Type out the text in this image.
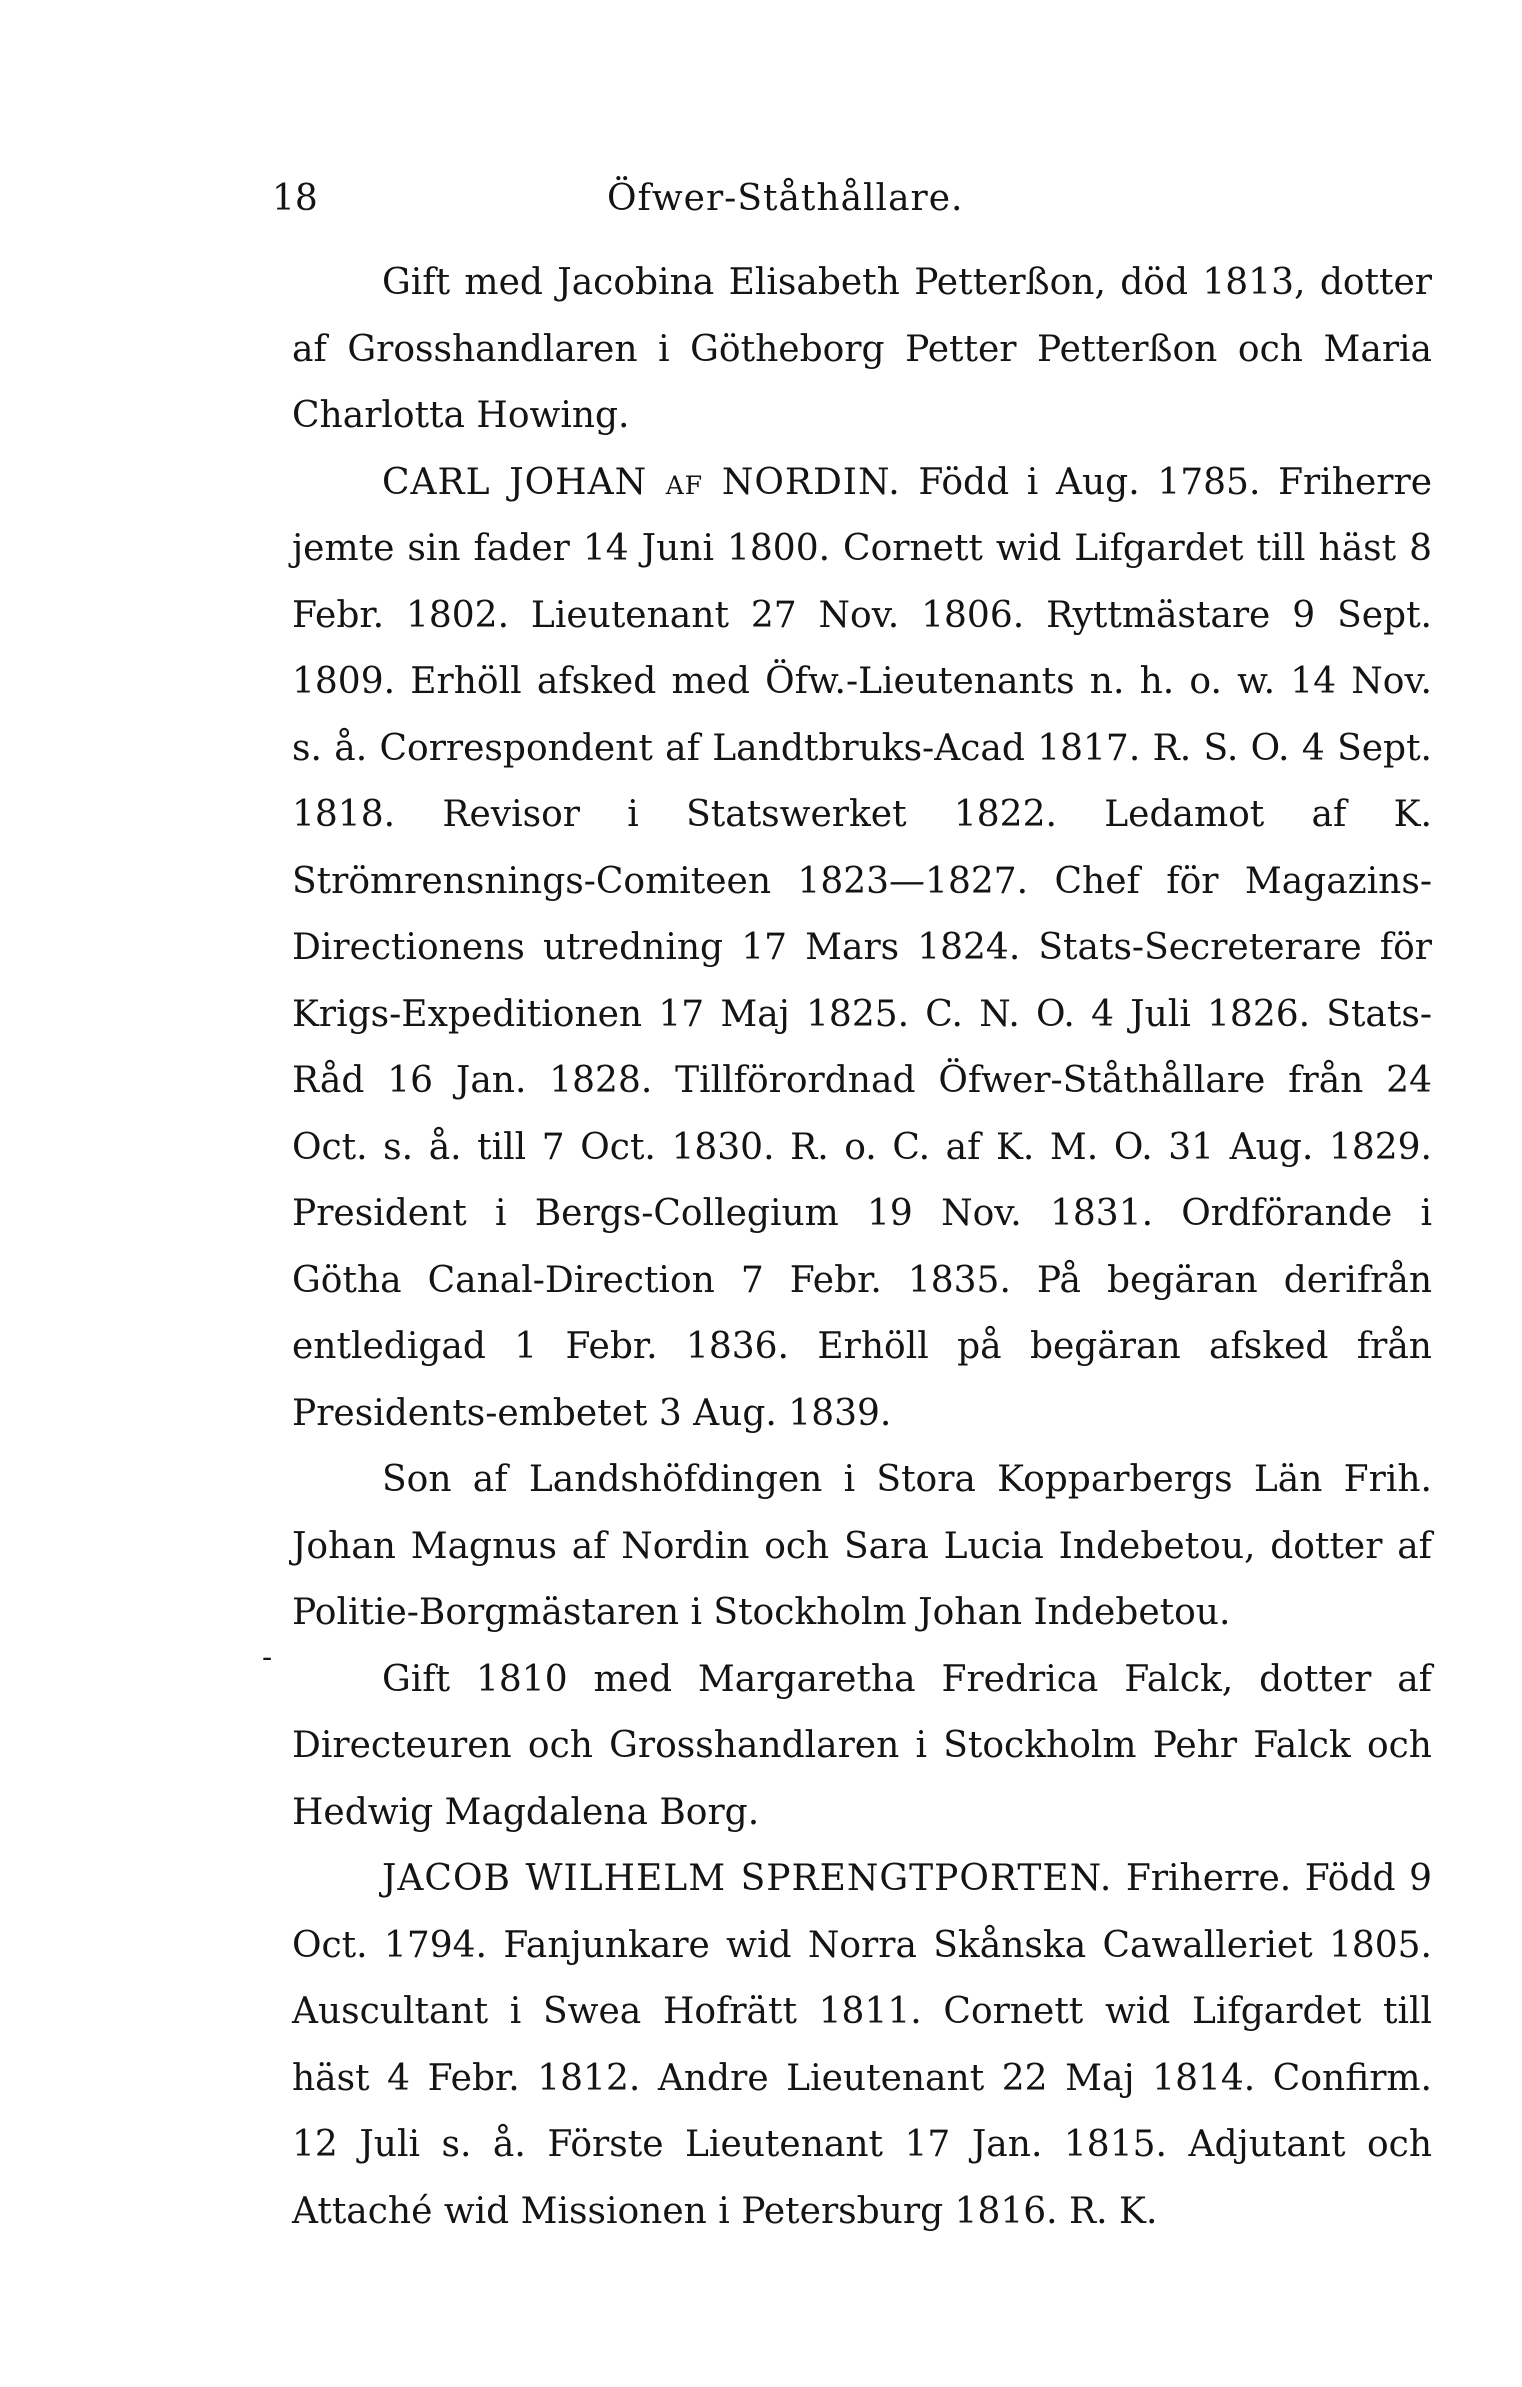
18	Öfwer-Ståthållare.
-

Gift med Jacobina Elisabeth Petterßon, död 1813, dotter af Grosshandlaren i Götheborg Petter Petterßon och Maria Charlotta Howing.

CARL JOHAN af NORDIN. Född i Aug. 1785. Friherre jemte sin fader 14 Juni 1800. Cornett wid Lifgardet till häst 8 Febr. 1802. Lieutenant 27 Nov. 1806. Ryttmästare 9 Sept. 1809. Erhöll afsked med Öfw.-Lieutenants n. h. o. w. 14 Nov. s. å. Correspondent af Landtbruks-Acad 1817. R. S. O. 4 Sept. 1818. Revisor i Statswerket 1822. Ledamot af K. Strömrensnings-Comiteen 1823—1827. Chef för Magazins-Directionens utredning 17 Mars 1824. Stats-Secreterare för Krigs-Expeditionen 17 Maj 1825. C. N. O. 4 Juli 1826. Stats-Råd 16 Jan. 1828. Tillförordnad Öfwer-Ståthållare från 24 Oct. s. å. till 7 Oct. 1830. R. o. C. af K. M. O. 31 Aug. 1829. President i Bergs-Collegium 19 Nov. 1831. Ordförande i Götha Canal-Direction 7 Febr. 1835. På begäran derifrån entledigad 1 Febr. 1836. Erhöll på begäran afsked från Presidents-embetet 3 Aug. 1839.

Son af Landshöfdingen i Stora Kopparbergs Län Frih. Johan Magnus af Nordin och Sara Lucia Indebetou, dotter af Politie-Borgmästaren i Stockholm Johan Indebetou.

Gift 1810 med Margaretha Fredrica Falck, dotter af Directeuren och Grosshandlaren i Stockholm Pehr Falck och Hedwig Magdalena Borg.

JACOB WILHELM SPRENGTPORTEN. Friherre. Född 9 Oct. 1794. Fanjunkare wid Norra Skånska Cawalleriet 1805. Auscultant i Swea Hofrätt 1811. Cornett wid Lifgardet till häst 4 Febr. 1812. Andre Lieutenant 22 Maj 1814. Confirm. 12 Juli s. å. Förste Lieutenant 17 Jan. 1815. Adjutant och Attaché wid Missionen i Petersburg 1816. R. K.
